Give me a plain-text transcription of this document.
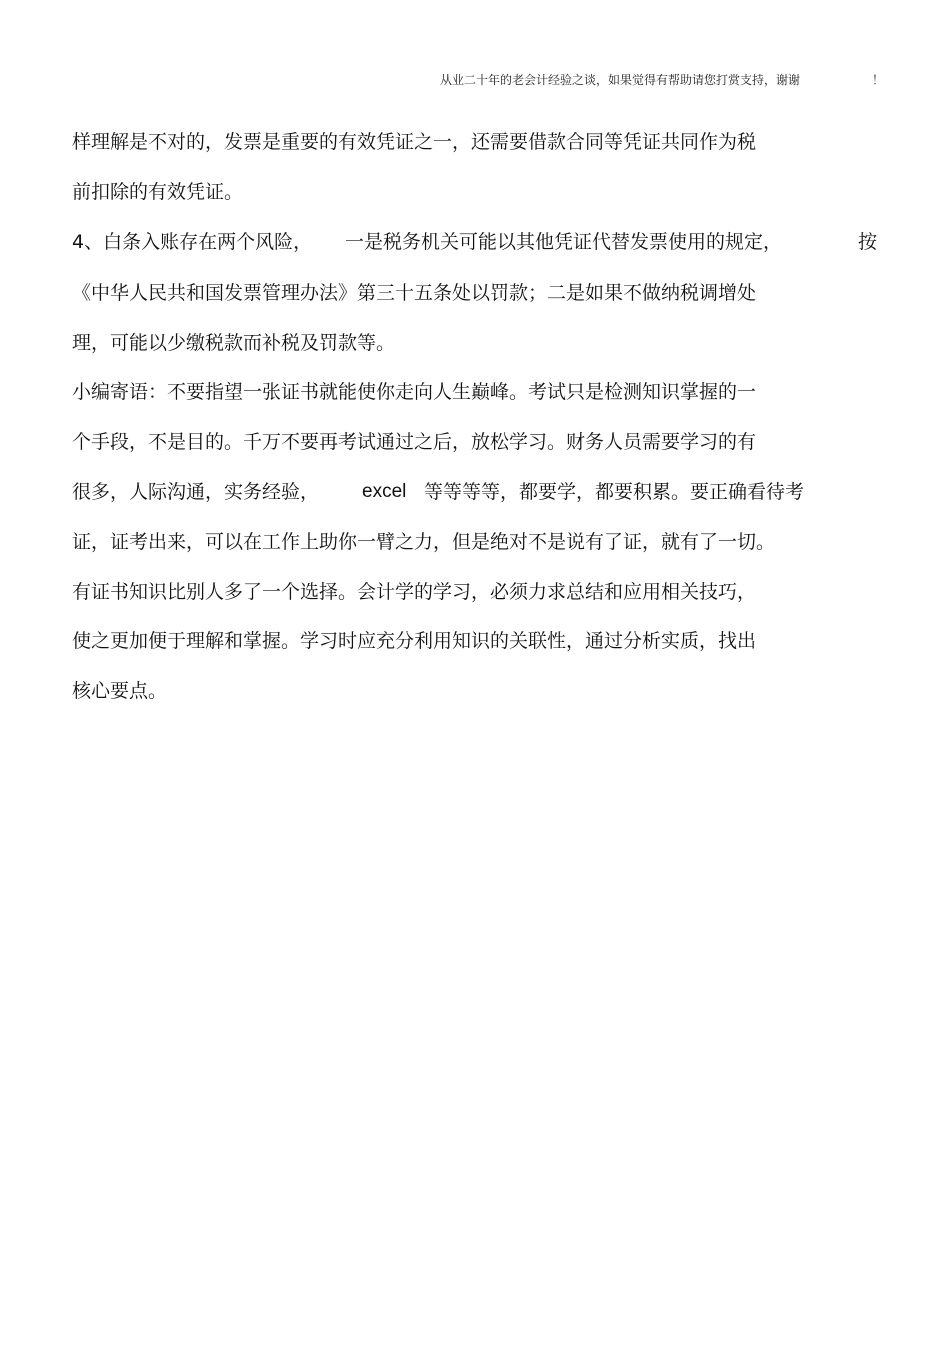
从业二十年的老会计经验之谈，如果觉得有帮助请您打赏支持，谢谢	！
样理解是不对的，发票是重要的有效凭证之一，还需要借款合同等凭证共同作为税
前扣除的有效凭证。
4、白条入账存在两个风险， 一是税务机关可能以其他凭证代替发票使用的规定，	按
《中华人民共和国发票管理办法》第三十五条处以罚款；二是如果不做纳税调增处
理，可能以少缴税款而补税及罚款等。
小编寄语：不要指望一张证书就能使你走向人生巅峰。考试只是检测知识掌握的一
个手段，不是目的。千万不要再考试通过之后，放松学习。财务人员需要学习的有
很多，人际沟通，实务经验， excel 等等等等，都要学，都要积累。要正确看待考
证，证考出来，可以在工作上助你一臂之力，但是绝对不是说有了证，就有了一切。
有证书知识比别人多了一个选择。会计学的学习，必须力求总结和应用相关技巧，
使之更加便于理解和掌握。学习时应充分利用知识的关联性，通过分析实质，找出
核心要点。
